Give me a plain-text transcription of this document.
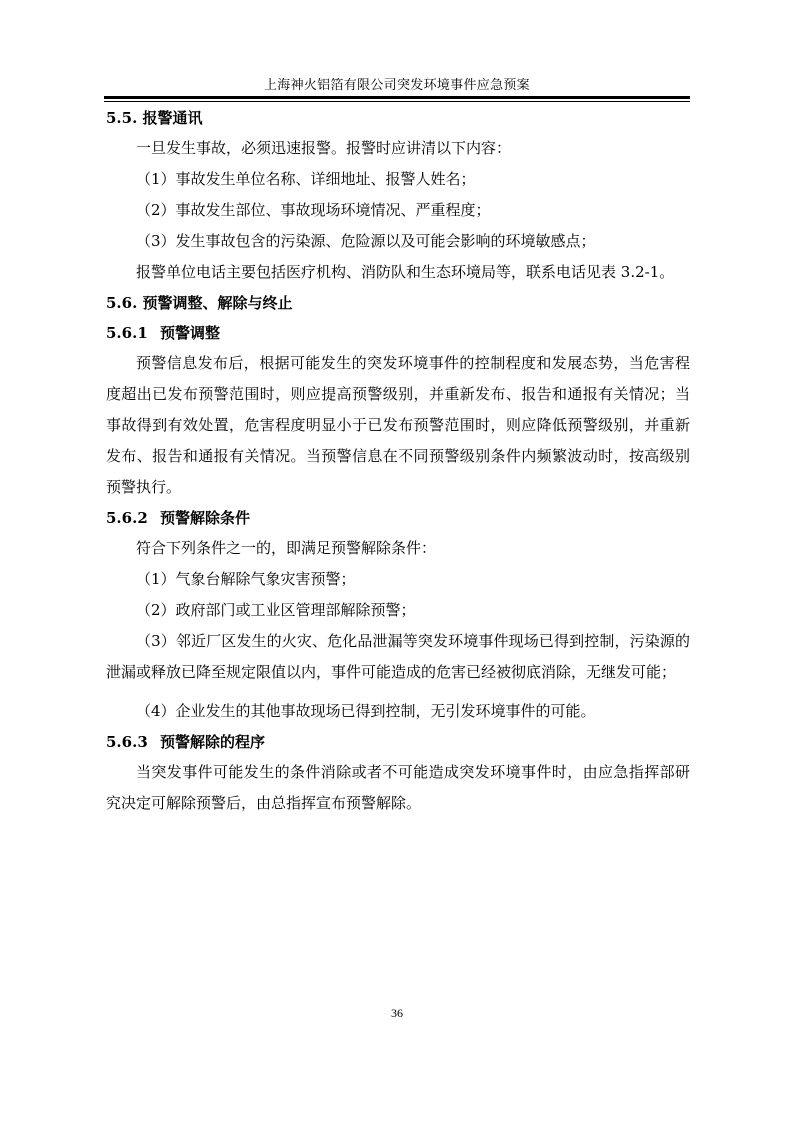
上海神火铝箔有限公司突发环境事件应急预案
5.5. 报警通讯

一旦发生事故，必须迅速报警。报警时应讲清以下内容：

（1）事故发生单位名称、详细地址、报警人姓名；

（2）事故发生部位、事故现场环境情况、严重程度；

（3）发生事故包含的污染源、危险源以及可能会影响的环境敏感点；

报警单位电话主要包括医疗机构、消防队和生态环境局等，联系电话见表 3.2-1。

5.6. 预警调整、解除与终止
5.6.1 预警调整

预警信息发布后，根据可能发生的突发环境事件的控制程度和发展态势，当危害程度超出已发布预警范围时，则应提高预警级别，并重新发布、报告和通报有关情况；当事故得到有效处置，危害程度明显小于已发布预警范围时，则应降低预警级别，并重新发布、报告和通报有关情况。当预警信息在不同预警级别条件内频繁波动时，按高级别预警执行。

5.6.2 预警解除条件

符合下列条件之一的，即满足预警解除条件：

（1）气象台解除气象灾害预警；

（2）政府部门或工业区管理部解除预警；

（3）邻近厂区发生的火灾、危化品泄漏等突发环境事件现场已得到控制，污染源的泄漏或释放已降至规定限值以内，事件可能造成的危害已经被彻底消除，无继发可能；

（4）企业发生的其他事故现场已得到控制，无引发环境事件的可能。

5.6.3 预警解除的程序

当突发事件可能发生的条件消除或者不可能造成突发环境事件时，由应急指挥部研究决定可解除预警后，由总指挥宣布预警解除。

36
